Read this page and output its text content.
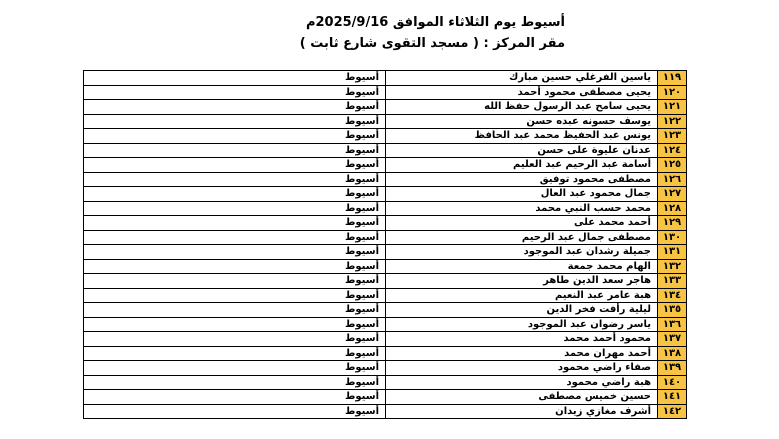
أسيوط يوم الثلاثاء الموافق 2025/9/16م
مقر المركز : ( مسجد التقوى شارع ثابت )
١١٩	ياسين الفرغلي حسين مبارك	أسيوط
١٢٠	يحيى مصطفى محمود أحمد	أسيوط
١٢١	يحيى سامح عبد الرسول حفظ الله	أسيوط
١٢٢	يوسف حسونه عبده حسن	أسيوط
١٢٣	يونس عبد الحفيظ محمد عبد الحافظ	أسيوط
١٢٤	عدنان عليوة على حسن	أسيوط
١٢٥	أسامة عبد الرحيم عبد العليم	أسيوط
١٢٦	مصطفى محمود توفيق	أسيوط
١٢٧	جمال محمود عبد العال	أسيوط
١٢٨	محمد حسب النبي محمد	أسيوط
١٢٩	أحمد محمد على	أسيوط
١٣٠	مصطفى جمال عبد الرحيم	أسيوط
١٣١	جميلة رشدان عبد الموجود	أسيوط
١٣٢	الهام محمد جمعة	أسيوط
١٣٣	هاجر سعد الدين طاهر	أسيوط
١٣٤	هبة عامر عبد النعيم	أسيوط
١٣٥	ليلية رأفت فخر الدين	أسيوط
١٣٦	ياسر رضوان عبد الموجود	أسيوط
١٣٧	محمود أحمد محمد	أسيوط
١٣٨	أحمد مهران محمد	أسيوط
١٣٩	صفاء راضي محمود	أسيوط
١٤٠	هبة راضي محمود	أسيوط
١٤١	حسين خميس مصطفى	أسيوط
١٤٢	أشرف مغازي زيدان	أسيوط
